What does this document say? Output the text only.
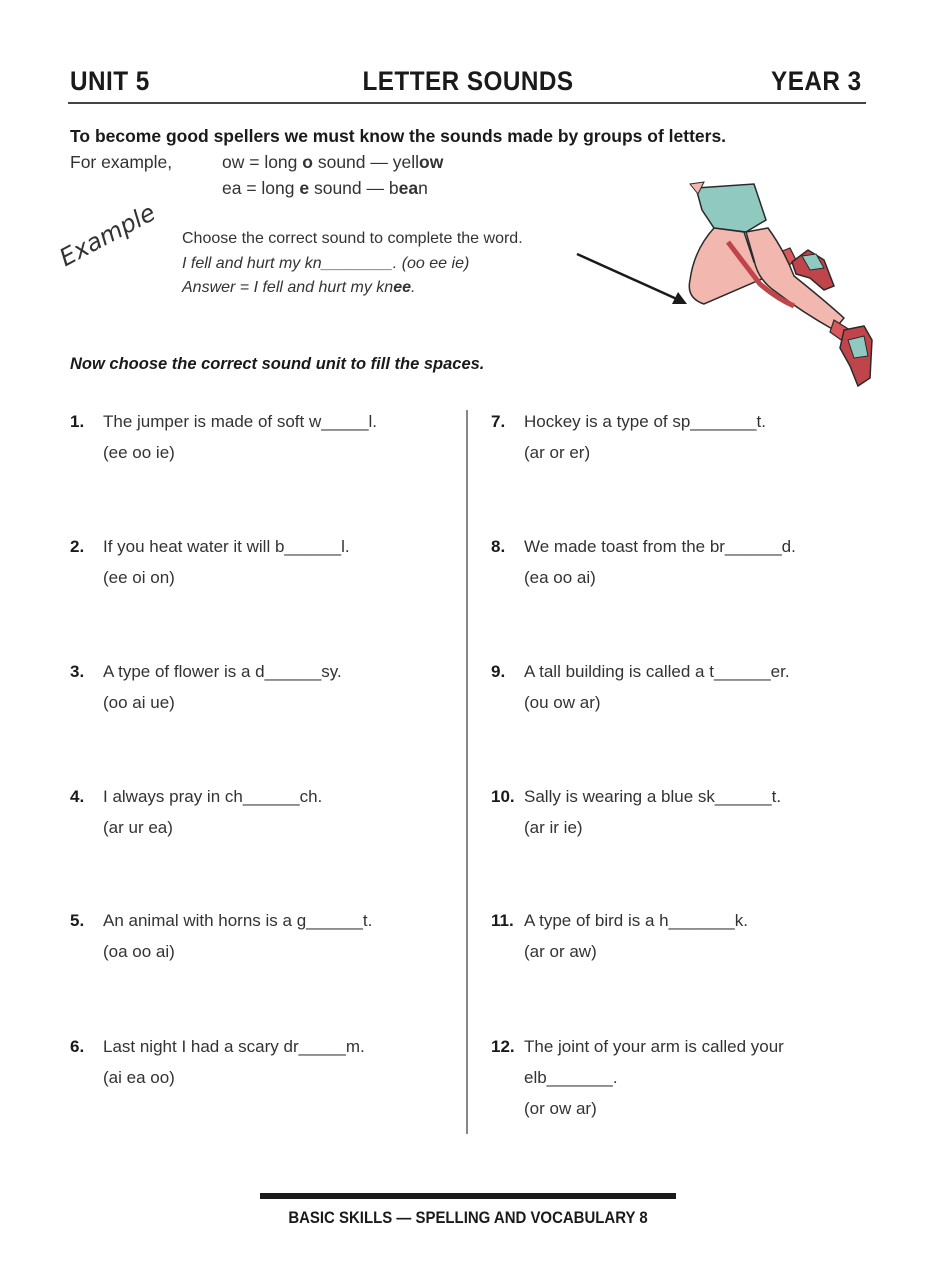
UNIT 5	LETTER SOUNDS	YEAR 3
To become good spellers we must know the sounds made by groups of letters.
For example,	ow = long o sound — yellow
ea = long e sound — bean
Example Choose the correct sound to complete the word.
I fell and hurt my kn________. (oo ee ie)
Answer = I fell and hurt my knee.
Now choose the correct sound unit to fill the spaces.
1. The jumper is made of soft w_____l.
(ee oo ie)
2. If you heat water it will b______l.
(ee oi on)
3. A type of flower is a d______sy.
(oo ai ue)
4. I always pray in ch______ch.
(ar ur ea)
5. An animal with horns is a g______t.
(oa oo ai)
6. Last night I had a scary dr_____m.
(ai ea oo)
7. Hockey is a type of sp_______t.
(ar or er)
8. We made toast from the br______d.
(ea oo ai)
9. A tall building is called a t______er.
(ou ow ar)
10. Sally is wearing a blue sk______t.
(ar ir ie)
11. A type of bird is a h_______k.
(ar or aw)
12. The joint of your arm is called your
elb_______.
(or ow ar)
BASIC SKILLS — SPELLING AND VOCABULARY 8
